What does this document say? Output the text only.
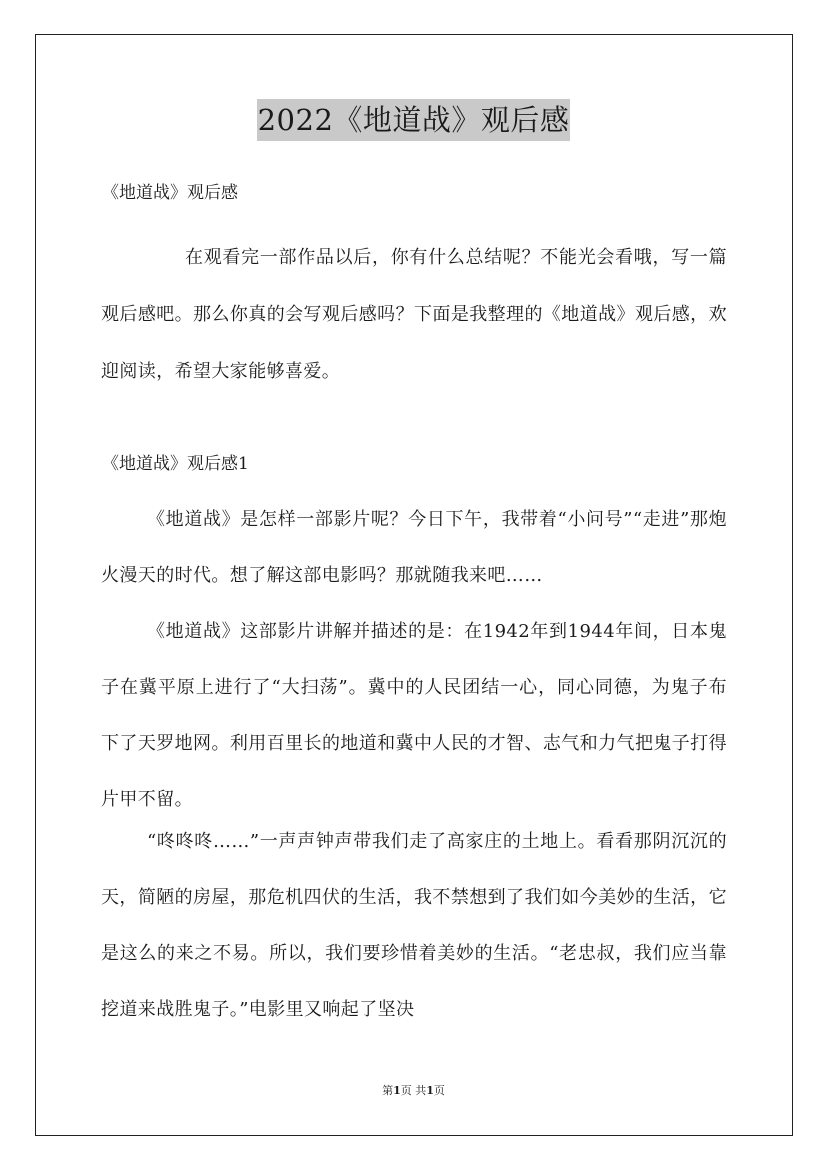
2022《地道战》观后感

《地道战》观后感

在观看完一部作品以后，你有什么总结呢？不能光会看哦，写一篇观后感吧。那么你真的会写观后感吗？下面是我整理的《地道战》观后感，欢迎阅读，希望大家能够喜爱。

《地道战》观后感1

《地道战》是怎样一部影片呢？今日下午，我带着“小问号”“走进”那炮火漫天的时代。想了解这部电影吗？那就随我来吧……

《地道战》这部影片讲解并描述的是：在1942年到1944年间，日本鬼子在冀平原上进行了“大扫荡”。冀中的人民团结一心，同心同德，为鬼子布下了天罗地网。利用百里长的地道和冀中人民的才智、志气和力气把鬼子打得片甲不留。

“咚咚咚……”一声声钟声带我们走了高家庄的土地上。看看那阴沉沉的天，简陋的房屋，那危机四伏的生活，我不禁想到了我们如今美妙的生活，它是这么的来之不易。所以，我们要珍惜着美妙的生活。“老忠叔，我们应当靠挖道来战胜鬼子。”电影里又响起了坚决

第1页 共1页
